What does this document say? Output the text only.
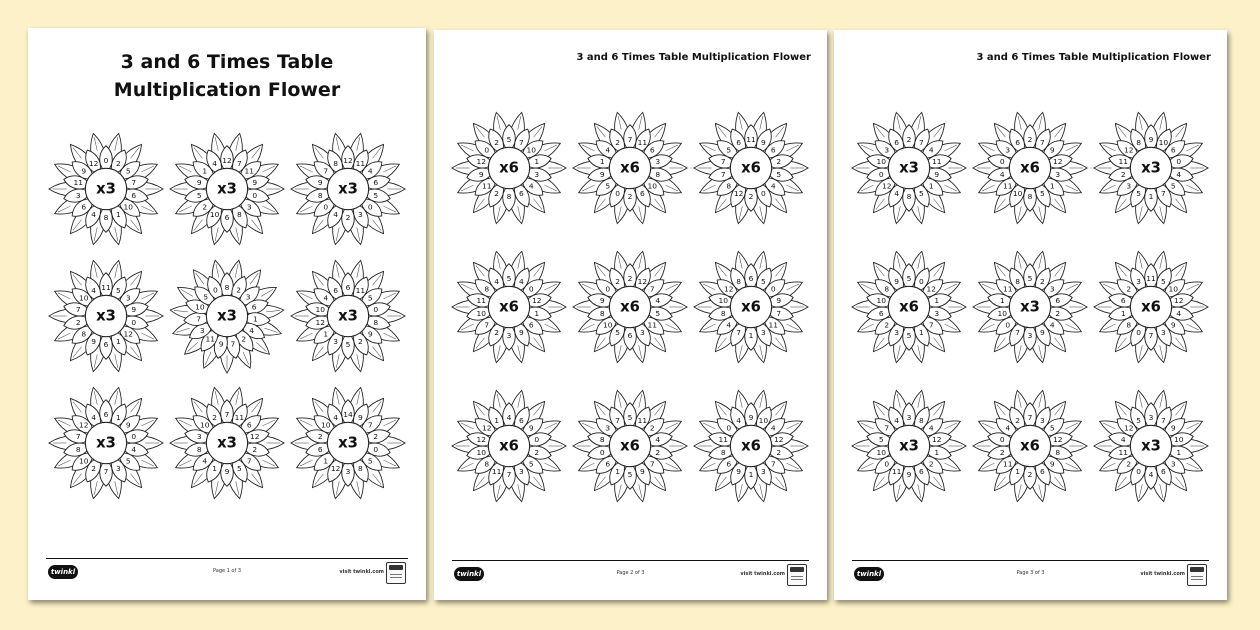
3 and 6 Times Table
Multiplication Flower
0 2
5
7
6
10
1
8
4
6
3
11
9
12
x3
12 7
11
9
0
3
8
6
10
2
5
9
1
4
x3
12 11
4
6
5
0
3
2
4
0
8
9
7
8
x3
11 5
3
9
0
12
1
6
9
8
2
7
10
4
x3
8 2
3
6
1
4
2
7
9
11
3
7
10
5
0
x3
6 11
5
0
8
9
2
5
3
1
12
10
4
6
x3
6 1
9
0
4
5
3
7
2
10
8
7
12
4
x3
7 11
6
12
2
7
5
9
1
4
8
3
10
2
x3
14 9
7
2
0
5
8
3
12
1
6
2
10
4
x3
twinkl	Page 1 of 3	visit twinkl.com
3 and 6 Times Table Multiplication Flower
5 7
10
1
3
4
6
8
2
11
9
12
0
2
x6
7 11
6
3
8
10
6
2
0
5
9
1
4
2
x6
11 9
6
2
5
4
0
2
12
8
7
7
5
6
x6
5 4
0
12
1
6
9
3
2
7
10
11
8
4
x6
2 12
7
4
5
11
3
6
5
10
8
9
0
2
x6
6 5
0
9
7
11
3
1
7
4
8
10
12
8
x6
4 6
9
0
2
5
3
7
11
8
10
12
12
1
x6
5 11
2
4
2
7
9
5
1
6
0
8
3
7
x6
9 10
4
12
2
7
3
1
9
6
8
11
0
4
x6
twinkl	Page 2 of 3	visit twinkl.com
3 and 6 Times Table Multiplication Flower
2 7
4
11
9
1
5
8
4
12
0
10
3
6
x3
2 7
9
12
3
1
5
8
10
11
4
0
3
6
x6
9 10
6
0
4
5
7
1
5
3
2
11
12
8
x3
5 0
12
1
3
7
1
5
3
2
6
10
8
9
x6
5 2
3
6
2
4
9
3
7
0
10
1
11
8
x3
11 5
10
12
4
9
3
7
0
8
1
6
2
3
x6
3 8
4
12
1
2
6
9
11
0
10
5
7
4
x3
7 3
5
12
8
9
6
2
1
11
2
0
4
2
x6
3 7
9
10
1
3
6
4
0
2
11
4
12
5
x3
twinkl	Page 3 of 3	visit twinkl.com
